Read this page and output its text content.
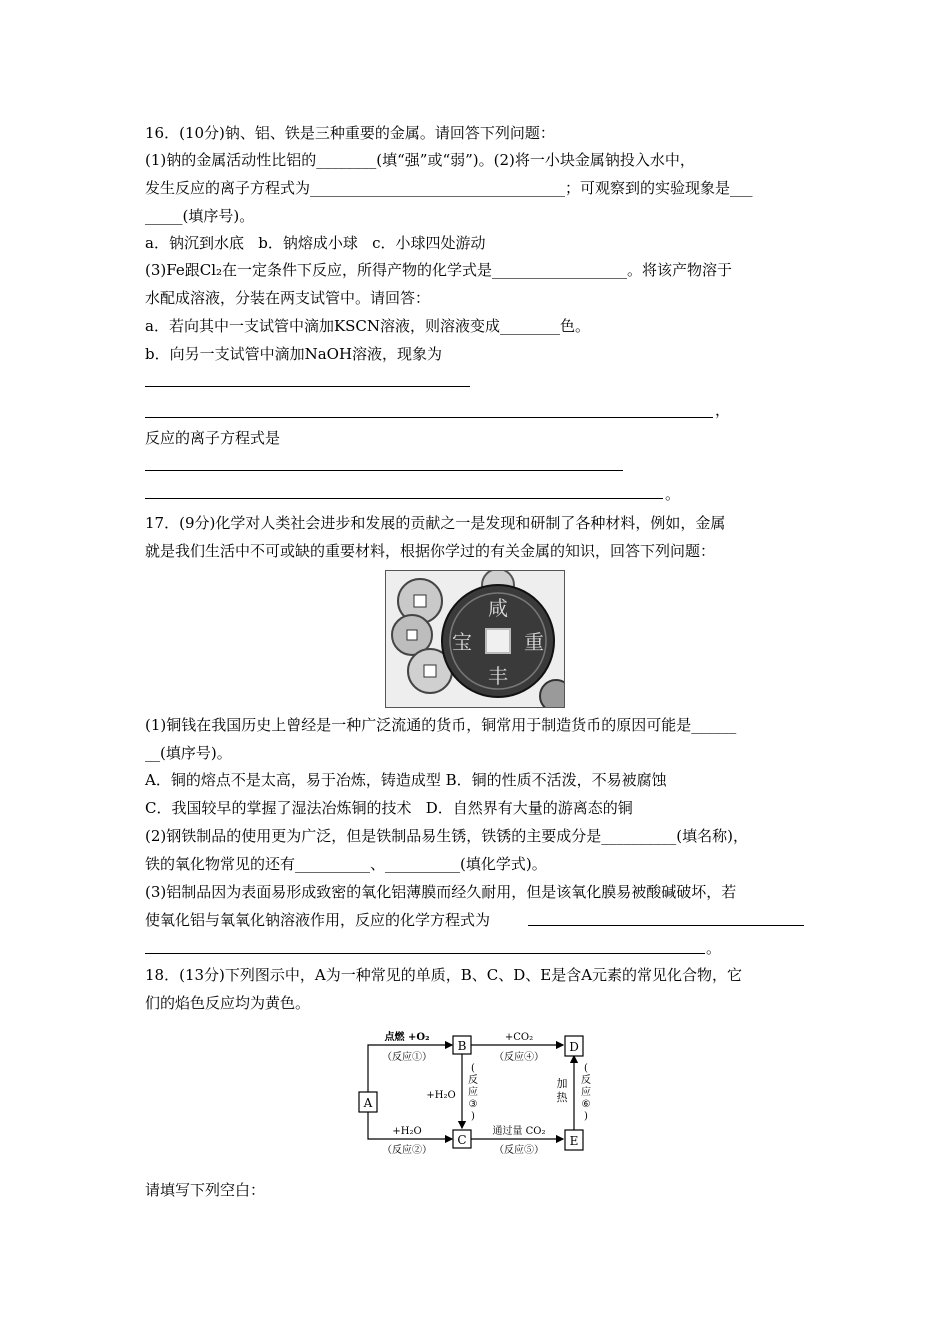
16．(10分)钠、铝、铁是三种重要的金属。请回答下列问题：
(1)钠的金属活动性比铝的________(填“强”或“弱”)。(2)将一小块金属钠投入水中，
发生反应的离子方程式为__________________________________；可观察到的实验现象是___
_____(填序号)。
a．钠沉到水底   b．钠熔成小球   c．小球四处游动
(3)Fe跟Cl₂在一定条件下反应，所得产物的化学式是__________________。将该产物溶于
水配成溶液，分装在两支试管中。请回答：
a．若向其中一支试管中滴加KSCN溶液，则溶液变成________色。
b．向另一支试管中滴加NaOH溶液，现象为
，
反应的离子方程式是
。
17．(9分)化学对人类社会进步和发展的贡献之一是发现和研制了各种材料，例如，金属
就是我们生活中不可或缺的重要材料，根据你学过的有关金属的知识，回答下列问题：
咸
丰
重
宝
(1)铜钱在我国历史上曾经是一种广泛流通的货币，铜常用于制造货币的原因可能是______
__(填序号)。
A．铜的熔点不是太高，易于冶炼，铸造成型 B．铜的性质不活泼，不易被腐蚀
C．我国较早的掌握了湿法冶炼铜的技术   D．自然界有大量的游离态的铜
(2)钢铁制品的使用更为广泛，但是铁制品易生锈，铁锈的主要成分是__________(填名称)，
铁的氧化物常见的还有__________、__________(填化学式)。
(3)铝制品因为表面易形成致密的氧化铝薄膜而经久耐用，但是该氧化膜易被酸碱破坏，若
使氧化铝与氧氧化钠溶液作用，反应的化学方程式为
。
18．(13分)下列图示中，A为一种常见的单质，B、C、D、E是含A元素的常见化合物，它
们的焰色反应均为黄色。
A
B
C
D
E
点燃 +O₂
（反应①）
+H₂O
（反应②）
+CO₂
（反应④）
通过量 CO₂
（反应⑤）
+H₂O
(
反
应
③
)
加
热
(
反
应
⑥
)
请填写下列空白：
